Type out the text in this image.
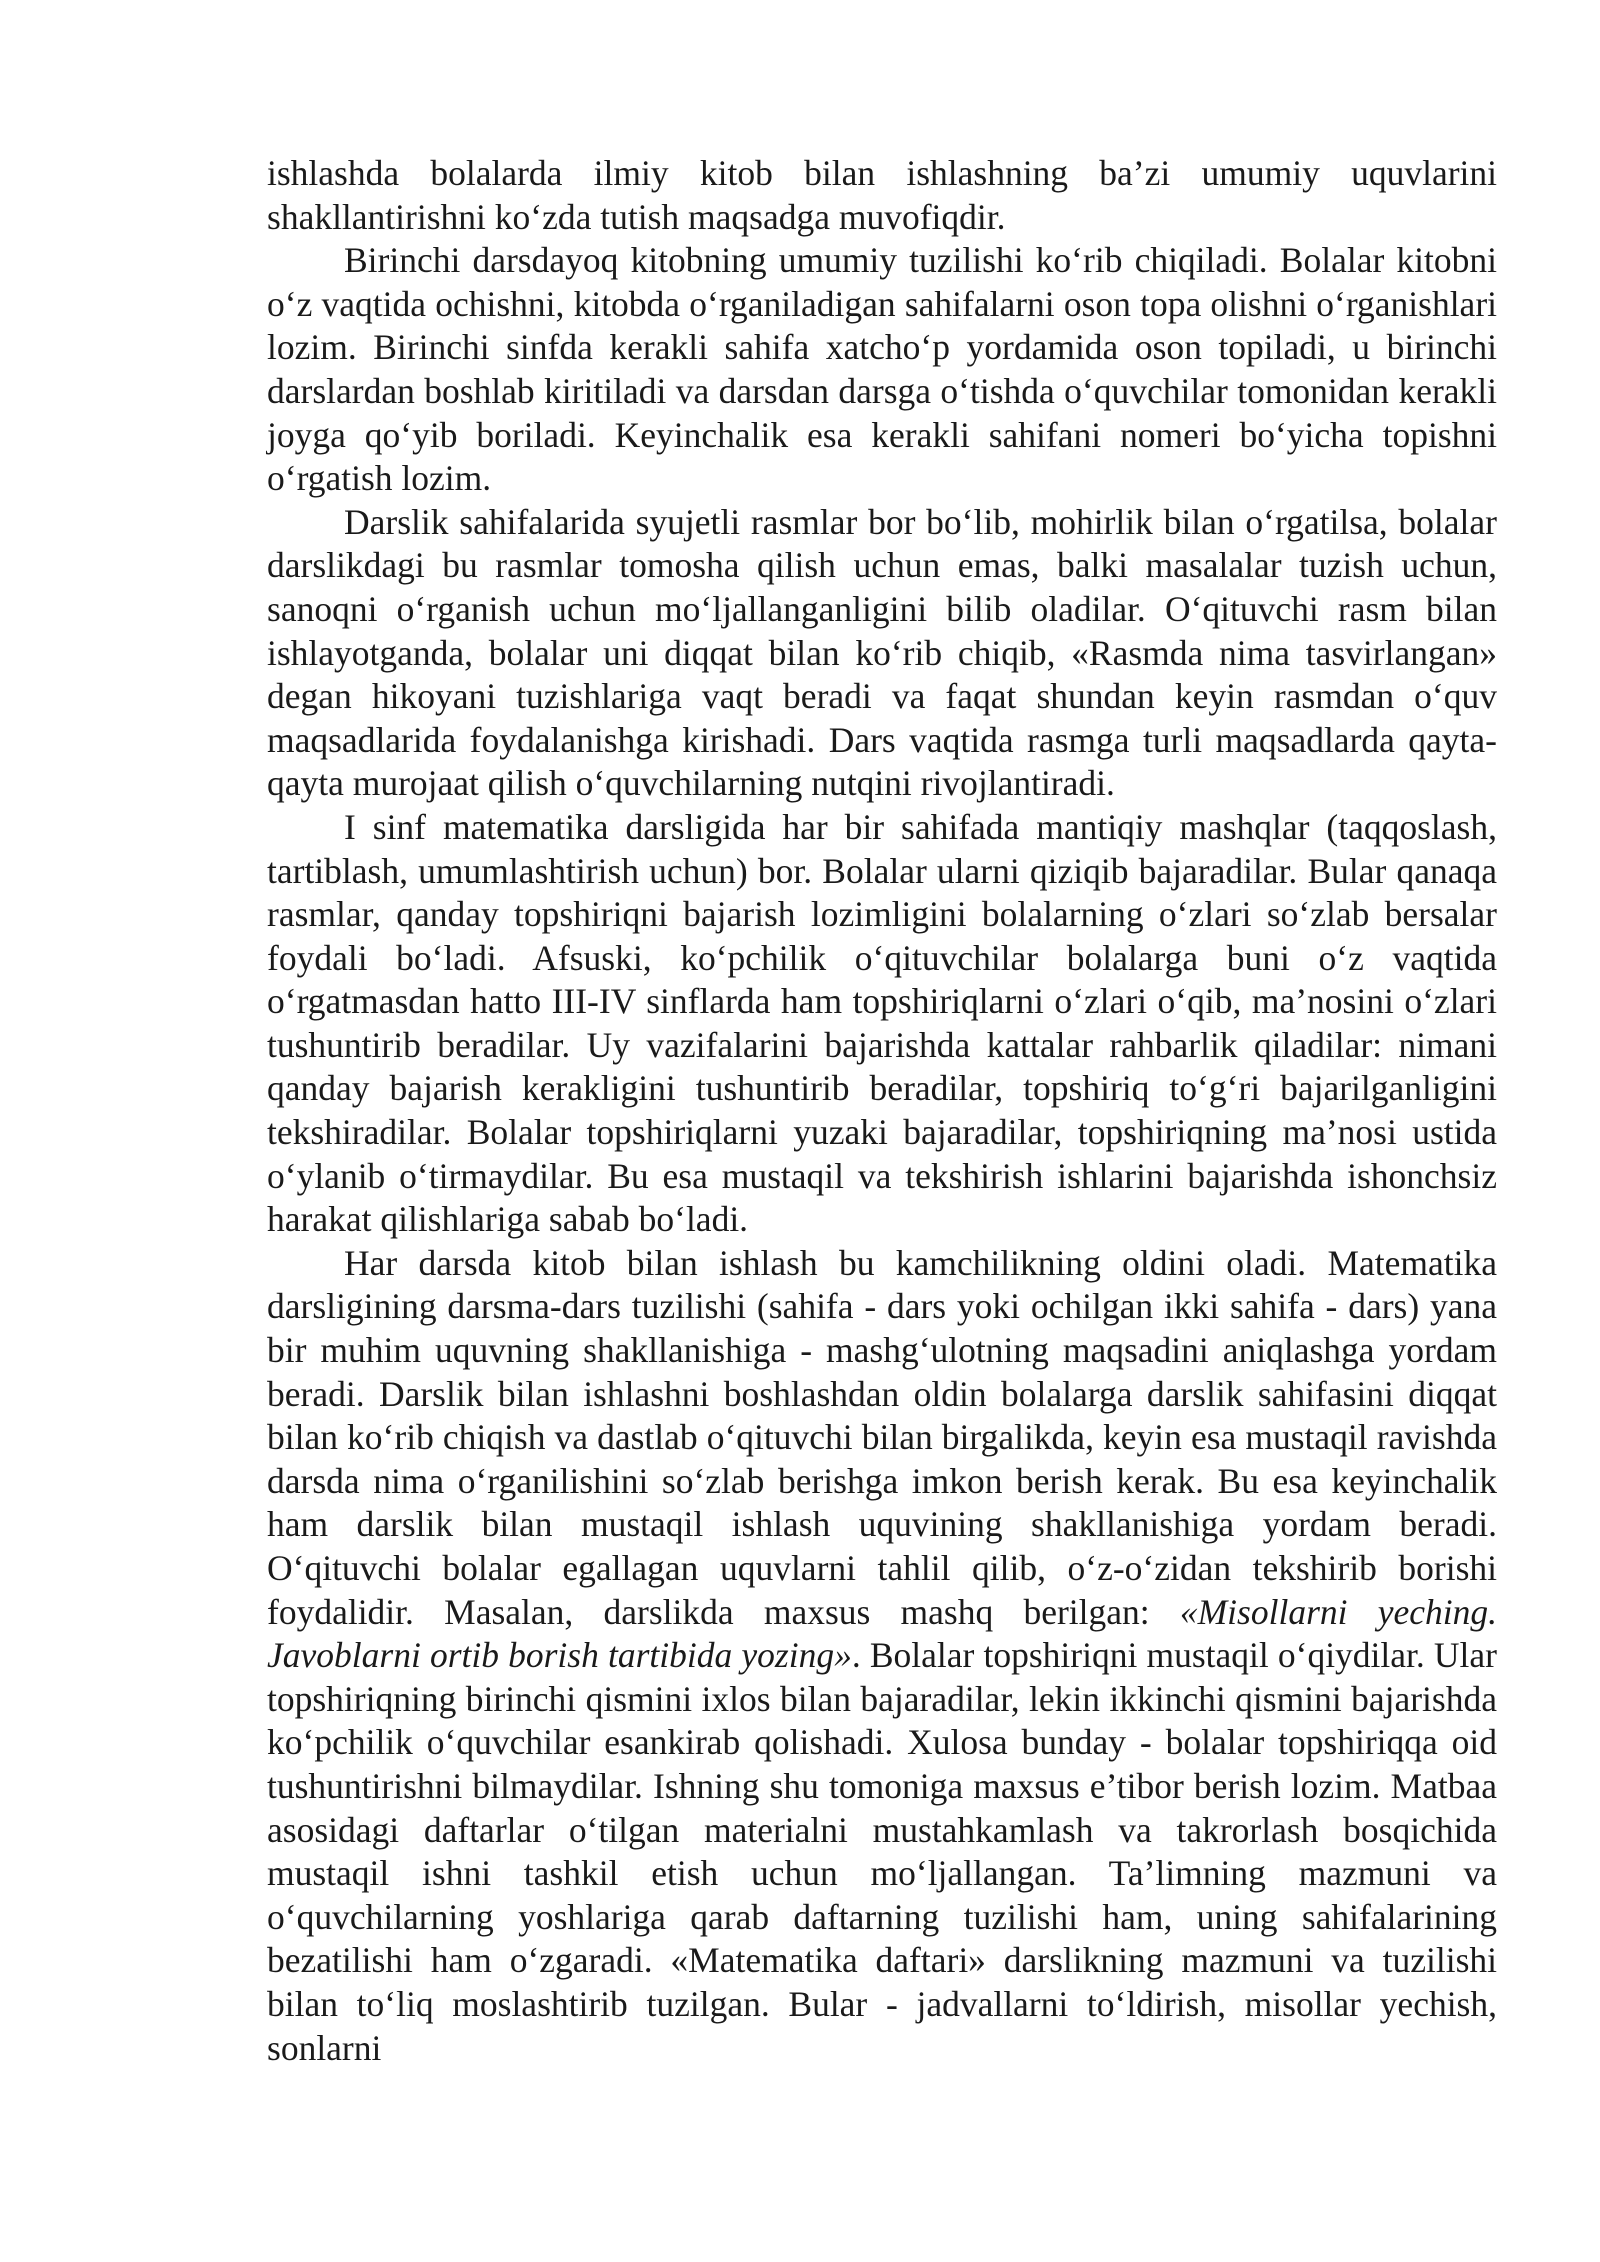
ishlashda bolalarda ilmiy kitob bilan ishlashning ba’zi umumiy uquvlarini shakllantirishni ko‘zda tutish maqsadga muvofiqdir.

Birinchi darsdayoq kitobning umumiy tuzilishi ko‘rib chiqiladi. Bolalar kitobni o‘z vaqtida ochishni, kitobda o‘rganiladigan sahifalarni oson topa olishni o‘rganishlari lozim. Birinchi sinfda kerakli sahifa xatcho‘p yordamida oson topiladi, u birinchi darslardan boshlab kiritiladi va darsdan darsga o‘tishda o‘quvchilar tomonidan kerakli joyga qo‘yib boriladi. Keyinchalik esa kerakli sahifani nomeri bo‘yicha topishni o‘rgatish lozim.

Darslik sahifalarida syujetli rasmlar bor bo‘lib, mohirlik bilan o‘rgatilsa, bolalar darslikdagi bu rasmlar tomosha qilish uchun emas, balki masalalar tuzish uchun, sanoqni o‘rganish uchun mo‘ljallanganligini bilib oladilar. O‘qituvchi rasm bilan ishlayotganda, bolalar uni diqqat bilan ko‘rib chiqib, «Rasmda nima tasvirlangan» degan hikoyani tuzishlariga vaqt beradi va faqat shundan keyin rasmdan o‘quv maqsadlarida foydalanishga kirishadi. Dars vaqtida rasmga turli maqsadlarda qayta-qayta murojaat qilish o‘quvchilarning nutqini rivojlantiradi.

I sinf matematika darsligida har bir sahifada mantiqiy mashqlar (taqqoslash, tartiblash, umumlashtirish uchun) bor. Bolalar ularni qiziqib bajaradilar. Bular qanaqa rasmlar, qanday topshiriqni bajarish lozimligini bolalarning o‘zlari so‘zlab bersalar foydali bo‘ladi. Afsuski, ko‘pchilik o‘qituvchilar bolalarga buni o‘z vaqtida o‘rgatmasdan hatto III-IV sinflarda ham topshiriqlarni o‘zlari o‘qib, ma’nosini o‘zlari tushuntirib beradilar. Uy vazifalarini bajarishda kattalar rahbarlik qiladilar: nimani qanday bajarish kerakligini tushuntirib beradilar, topshiriq to‘g‘ri bajarilganligini tekshiradilar. Bolalar topshiriqlarni yuzaki bajaradilar, topshiriqning ma’nosi ustida o‘ylanib o‘tirmaydilar. Bu esa mustaqil va tekshirish ishlarini bajarishda ishonchsiz harakat qilishlariga sabab bo‘ladi.

Har darsda kitob bilan ishlash bu kamchilikning oldini oladi. Matematika darsligining darsma-dars tuzilishi (sahifa - dars yoki ochilgan ikki sahifa - dars) yana bir muhim uquvning shakllanishiga - mashg‘ulotning maqsadini aniqlashga yordam beradi. Darslik bilan ishlashni boshlashdan oldin bolalarga darslik sahifasini diqqat bilan ko‘rib chiqish va dastlab o‘qituvchi bilan birgalikda, keyin esa mustaqil ravishda darsda nima o‘rganilishini so‘zlab berishga imkon berish kerak. Bu esa keyinchalik ham darslik bilan mustaqil ishlash uquvining shakllanishiga yordam beradi. O‘qituvchi bolalar egallagan uquvlarni tahlil qilib, o‘z-o‘zidan tekshirib borishi foydalidir. Masalan, darslikda maxsus mashq berilgan: «Misollarni yeching. Javoblarni ortib borish tartibida yozing». Bolalar topshiriqni mustaqil o‘qiydilar. Ular topshiriqning birinchi qismini ixlos bilan bajaradilar, lekin ikkinchi qismini bajarishda ko‘pchilik o‘quvchilar esankirab qolishadi. Xulosa bunday - bolalar topshiriqqa oid tushuntirishni bilmaydilar. Ishning shu tomoniga maxsus e’tibor berish lozim. Matbaa asosidagi daftarlar o‘tilgan materialni mustahkamlash va takrorlash bosqichida mustaqil ishni tashkil etish uchun mo‘ljallangan. Ta’limning mazmuni va o‘quvchilarning yoshlariga qarab daftarning tuzilishi ham, uning sahifalarining bezatilishi ham o‘zgaradi. «Matematika daftari» darslikning mazmuni va tuzilishi bilan to‘liq moslashtirib tuzilgan. Bular - jadvallarni to‘ldirish, misollar yechish, sonlarni
